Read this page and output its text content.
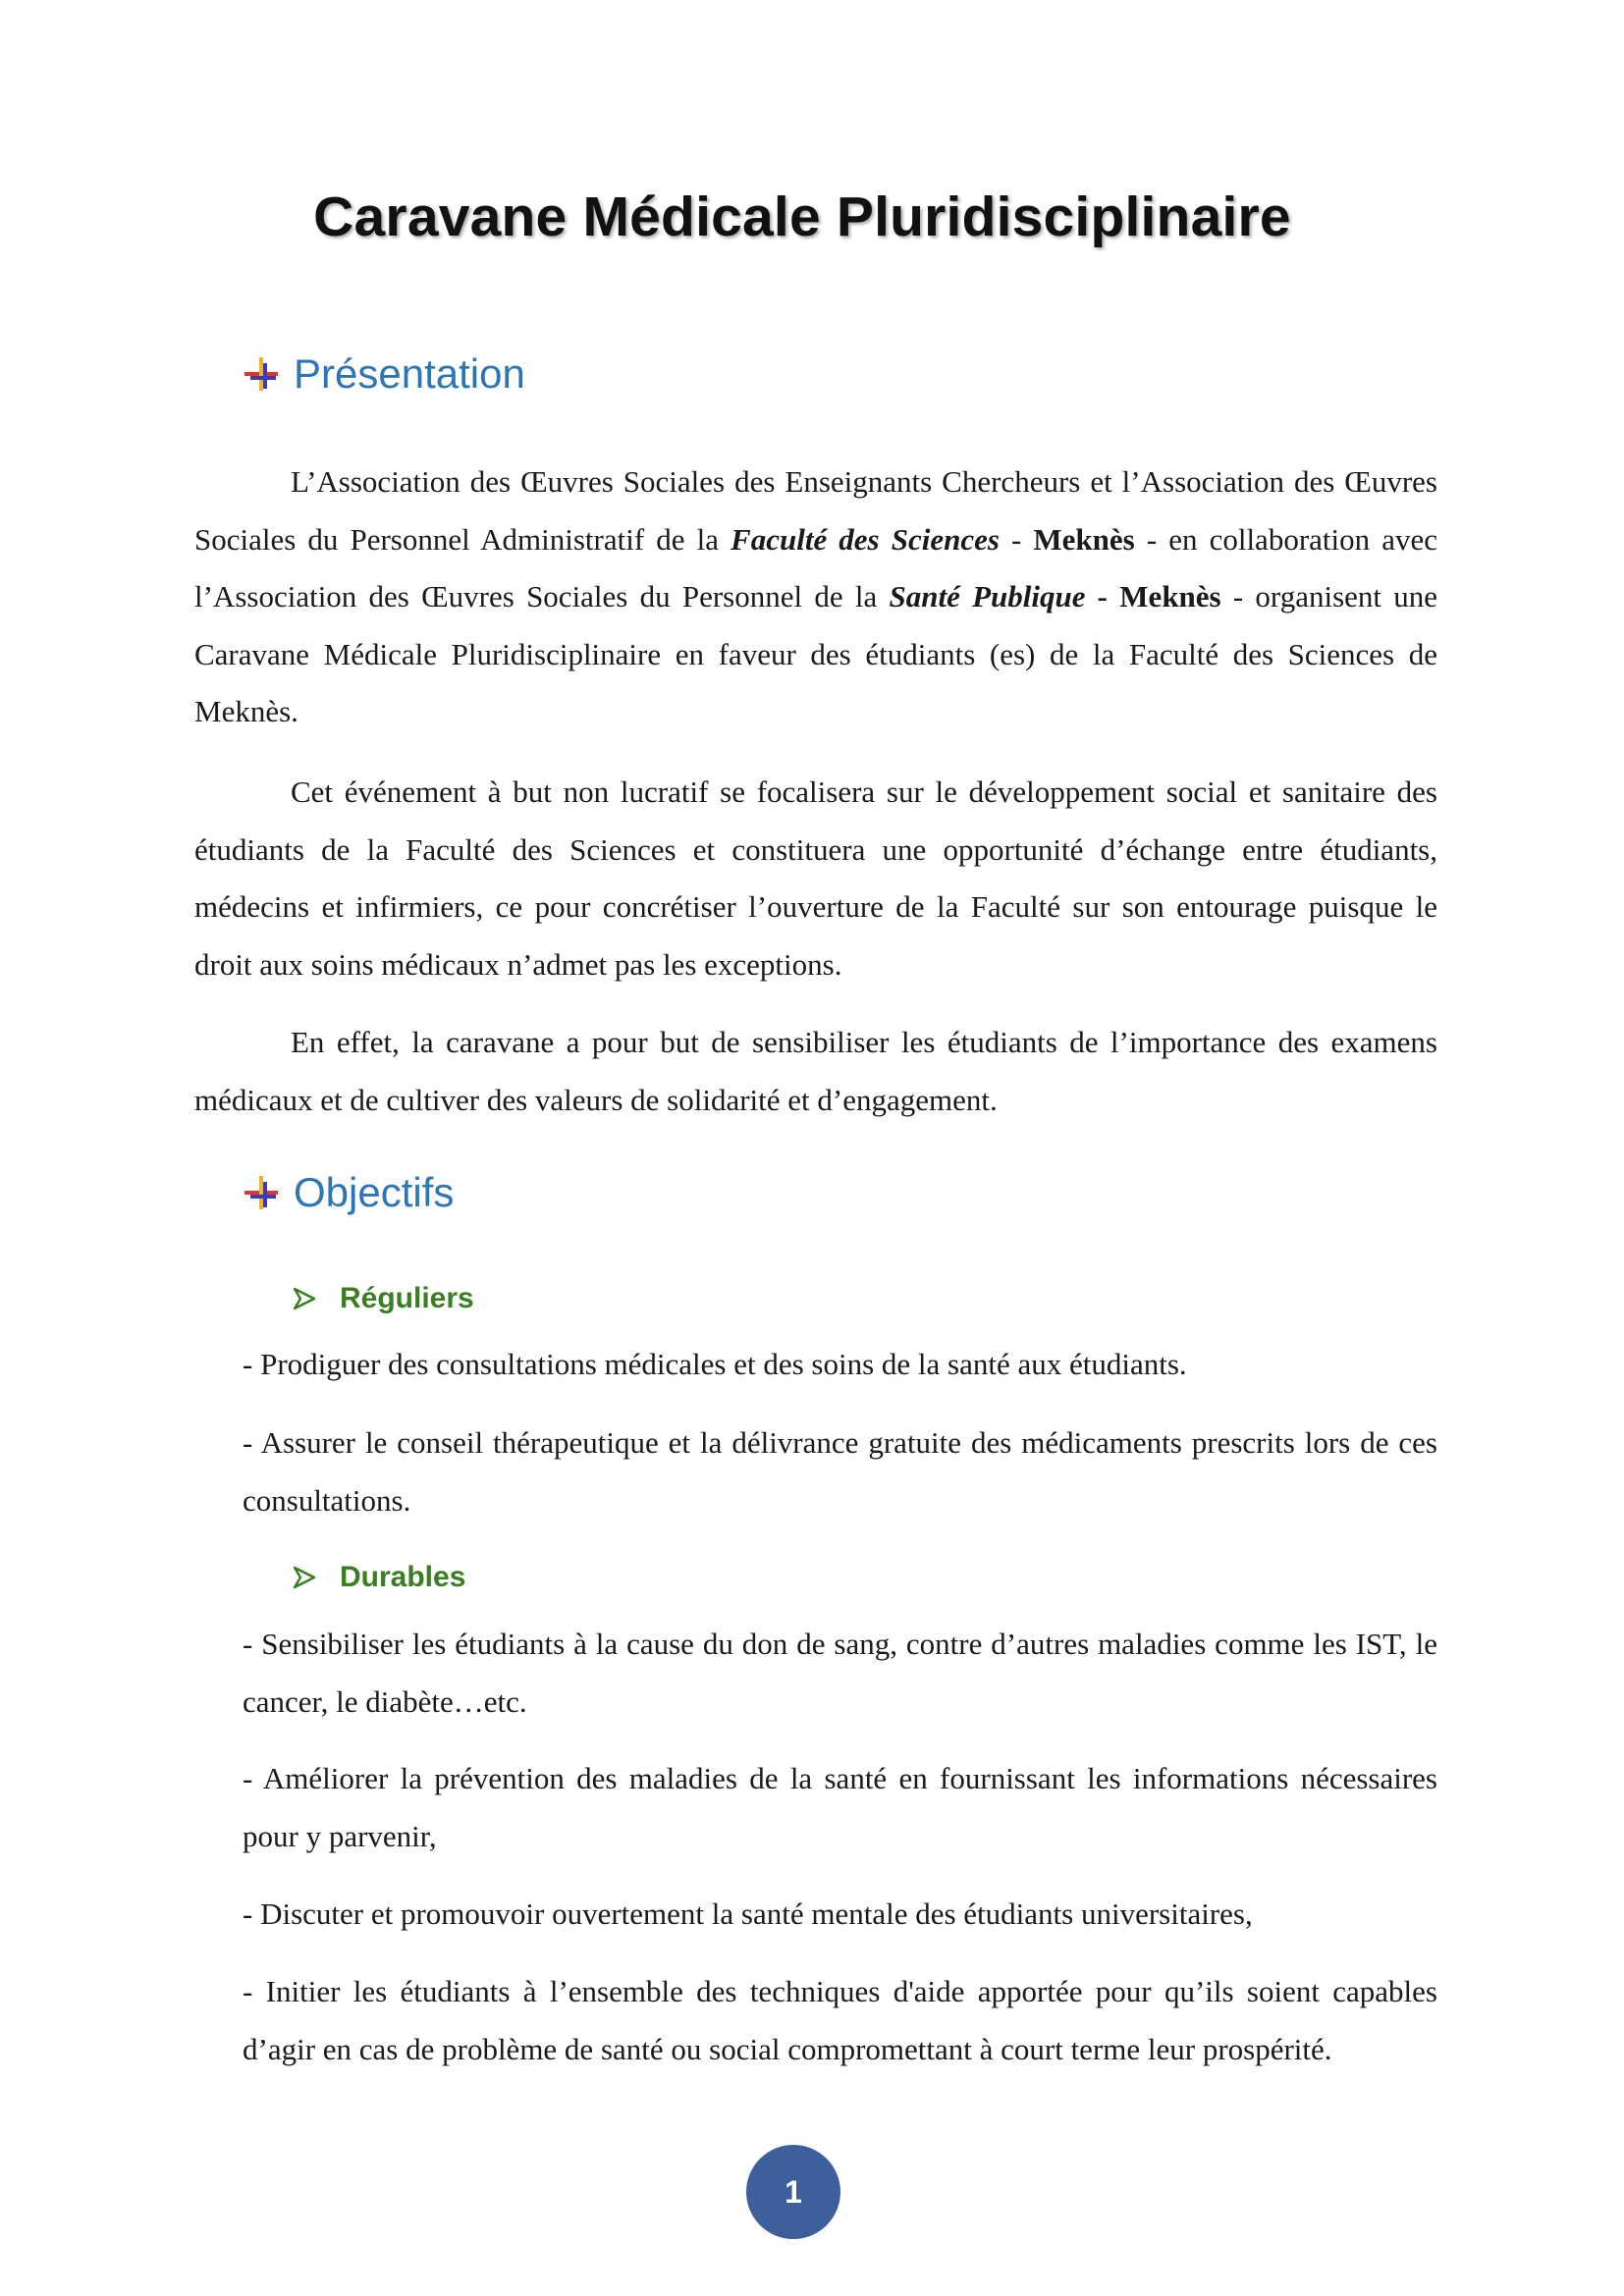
Caravane Médicale Pluridisciplinaire
Présentation

L’Association des Œuvres Sociales des Enseignants Chercheurs et l’Association des Œuvres Sociales du Personnel Administratif de la Faculté des Sciences - Meknès - en collaboration avec l’Association des Œuvres Sociales du Personnel de la Santé Publique - Meknès - organisent une Caravane Médicale Pluridisciplinaire en faveur des étudiants (es) de la Faculté des Sciences de Meknès.

Cet événement à but non lucratif se focalisera sur le développement social et sanitaire des étudiants de la Faculté des Sciences et constituera une opportunité d’échange entre étudiants, médecins et infirmiers, ce pour concrétiser l’ouverture de la Faculté sur son entourage puisque le droit aux soins médicaux n’admet pas les exceptions.

En effet, la caravane a pour but de sensibiliser les étudiants de l’importance des examens médicaux et de cultiver des valeurs de solidarité et d’engagement.

Objectifs
Réguliers

- Prodiguer des consultations médicales et des soins de la santé aux étudiants.

- Assurer le conseil thérapeutique et la délivrance gratuite des médicaments prescrits lors de ces consultations.

Durables

- Sensibiliser les étudiants à la cause du don de sang, contre d’autres maladies comme les IST, le cancer, le diabète…etc.

- Améliorer la prévention des maladies de la santé en fournissant les informations nécessaires pour y parvenir,

- Discuter et promouvoir ouvertement la santé mentale des étudiants universitaires,

- Initier les étudiants à l’ensemble des techniques d'aide apportée pour qu’ils soient capables d’agir en cas de problème de santé ou social compromettant à court terme leur prospérité.

1
